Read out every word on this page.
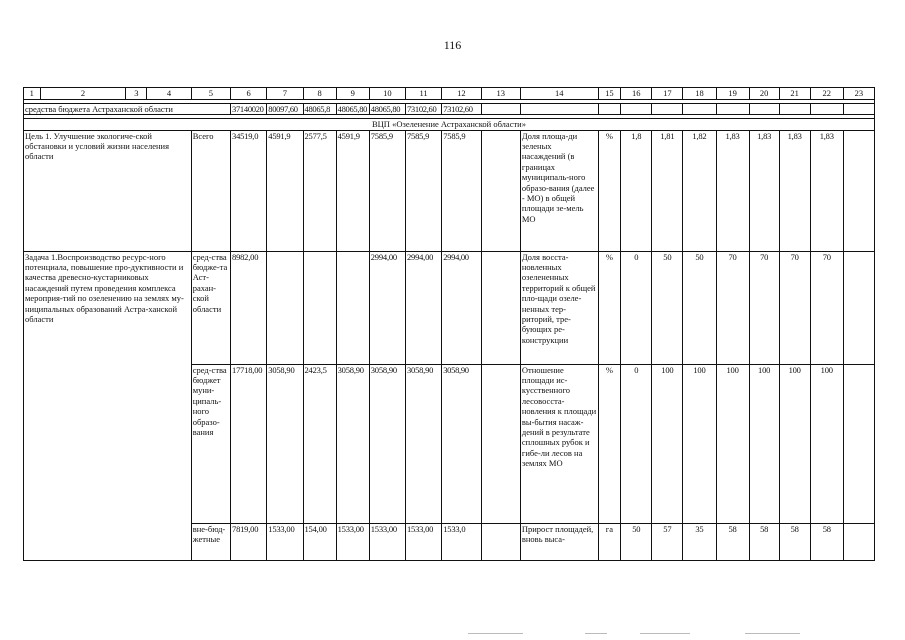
116
1	2	3	4	5	6	7	8	9	10	11	12	13	14	15	16	17	18	19	20	21	22	23

средства бюджета Астраханской области					37140020	80097,60	48065,8	48065,80	48065,80	73102,60	73102,60											

ВЦП «Озеленение Астраханской области»																						
Цель 1. Улучшение экологиче-ской обстановки и условий жизни населения области				Всего	34519,0	4591,9	2577,5	4591,9	7585,9	7585,9	7585,9		Доля площа-ди зеленых насаждений (в границах муниципаль-ного образо-вания (далее - МО) в общей площади зе-мель МО	%	1,8	1,81	1,82	1,83	1,83	1,83	1,83	
Задача 1.Воспроизводство ресурс-ного потенциала, повышение про-дуктивности и качества древесно-кустарниковых насаждений путем проведения комплекса мероприя-тий по озеленению на землях му-ниципальных образований Астра-ханской области				сред-ства бюдже-та Аст-рахан-ской области	8982,00				2994,00	2994,00	2994,00		Доля восста-новленных озелененных территорий к общей пло-щади озеле-ненных тер-риторий, тре-бующих ре-конструкции	%	0	50	50	70	70	70	70	
				сред-ства бюджет муни-ципаль-ного образо-вания	17718,00	3058,90	2423,5	3058,90	3058,90	3058,90	3058,90		Отношение площади ис-кусственного лесовосста-новления к площади вы-бытия насаж-дений в результате сплошных рубок и гибе-ли лесов на землях МО	%	0	100	100	100	100	100	100	
				вне-бюд-жетные	7819,00	1533,00	154,00	1533,00	1533,00	1533,00	1533,0		Прирост площадей, вновь выса-	га	50	57	35	58	58	58	58	
